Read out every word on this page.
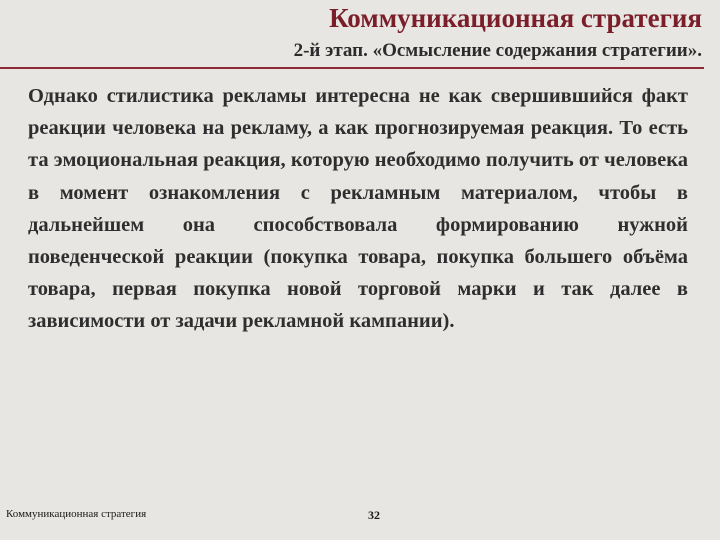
Коммуникационная стратегия
2-й этап. «Осмысление содержания стратегии».
Однако стилистика рекламы интересна не как свершившийся факт реакции человека на рекламу, а как прогнозируемая реакция. То есть та эмоциональная реакция, которую необходимо получить от человека в момент ознакомления с рекламным материалом, чтобы в дальнейшем она способствовала формированию нужной поведенческой реакции (покупка товара, покупка большего объёма товара, первая покупка новой торговой марки и так далее в зависимости от задачи рекламной кампании).
Коммуникационная стратегия	32
